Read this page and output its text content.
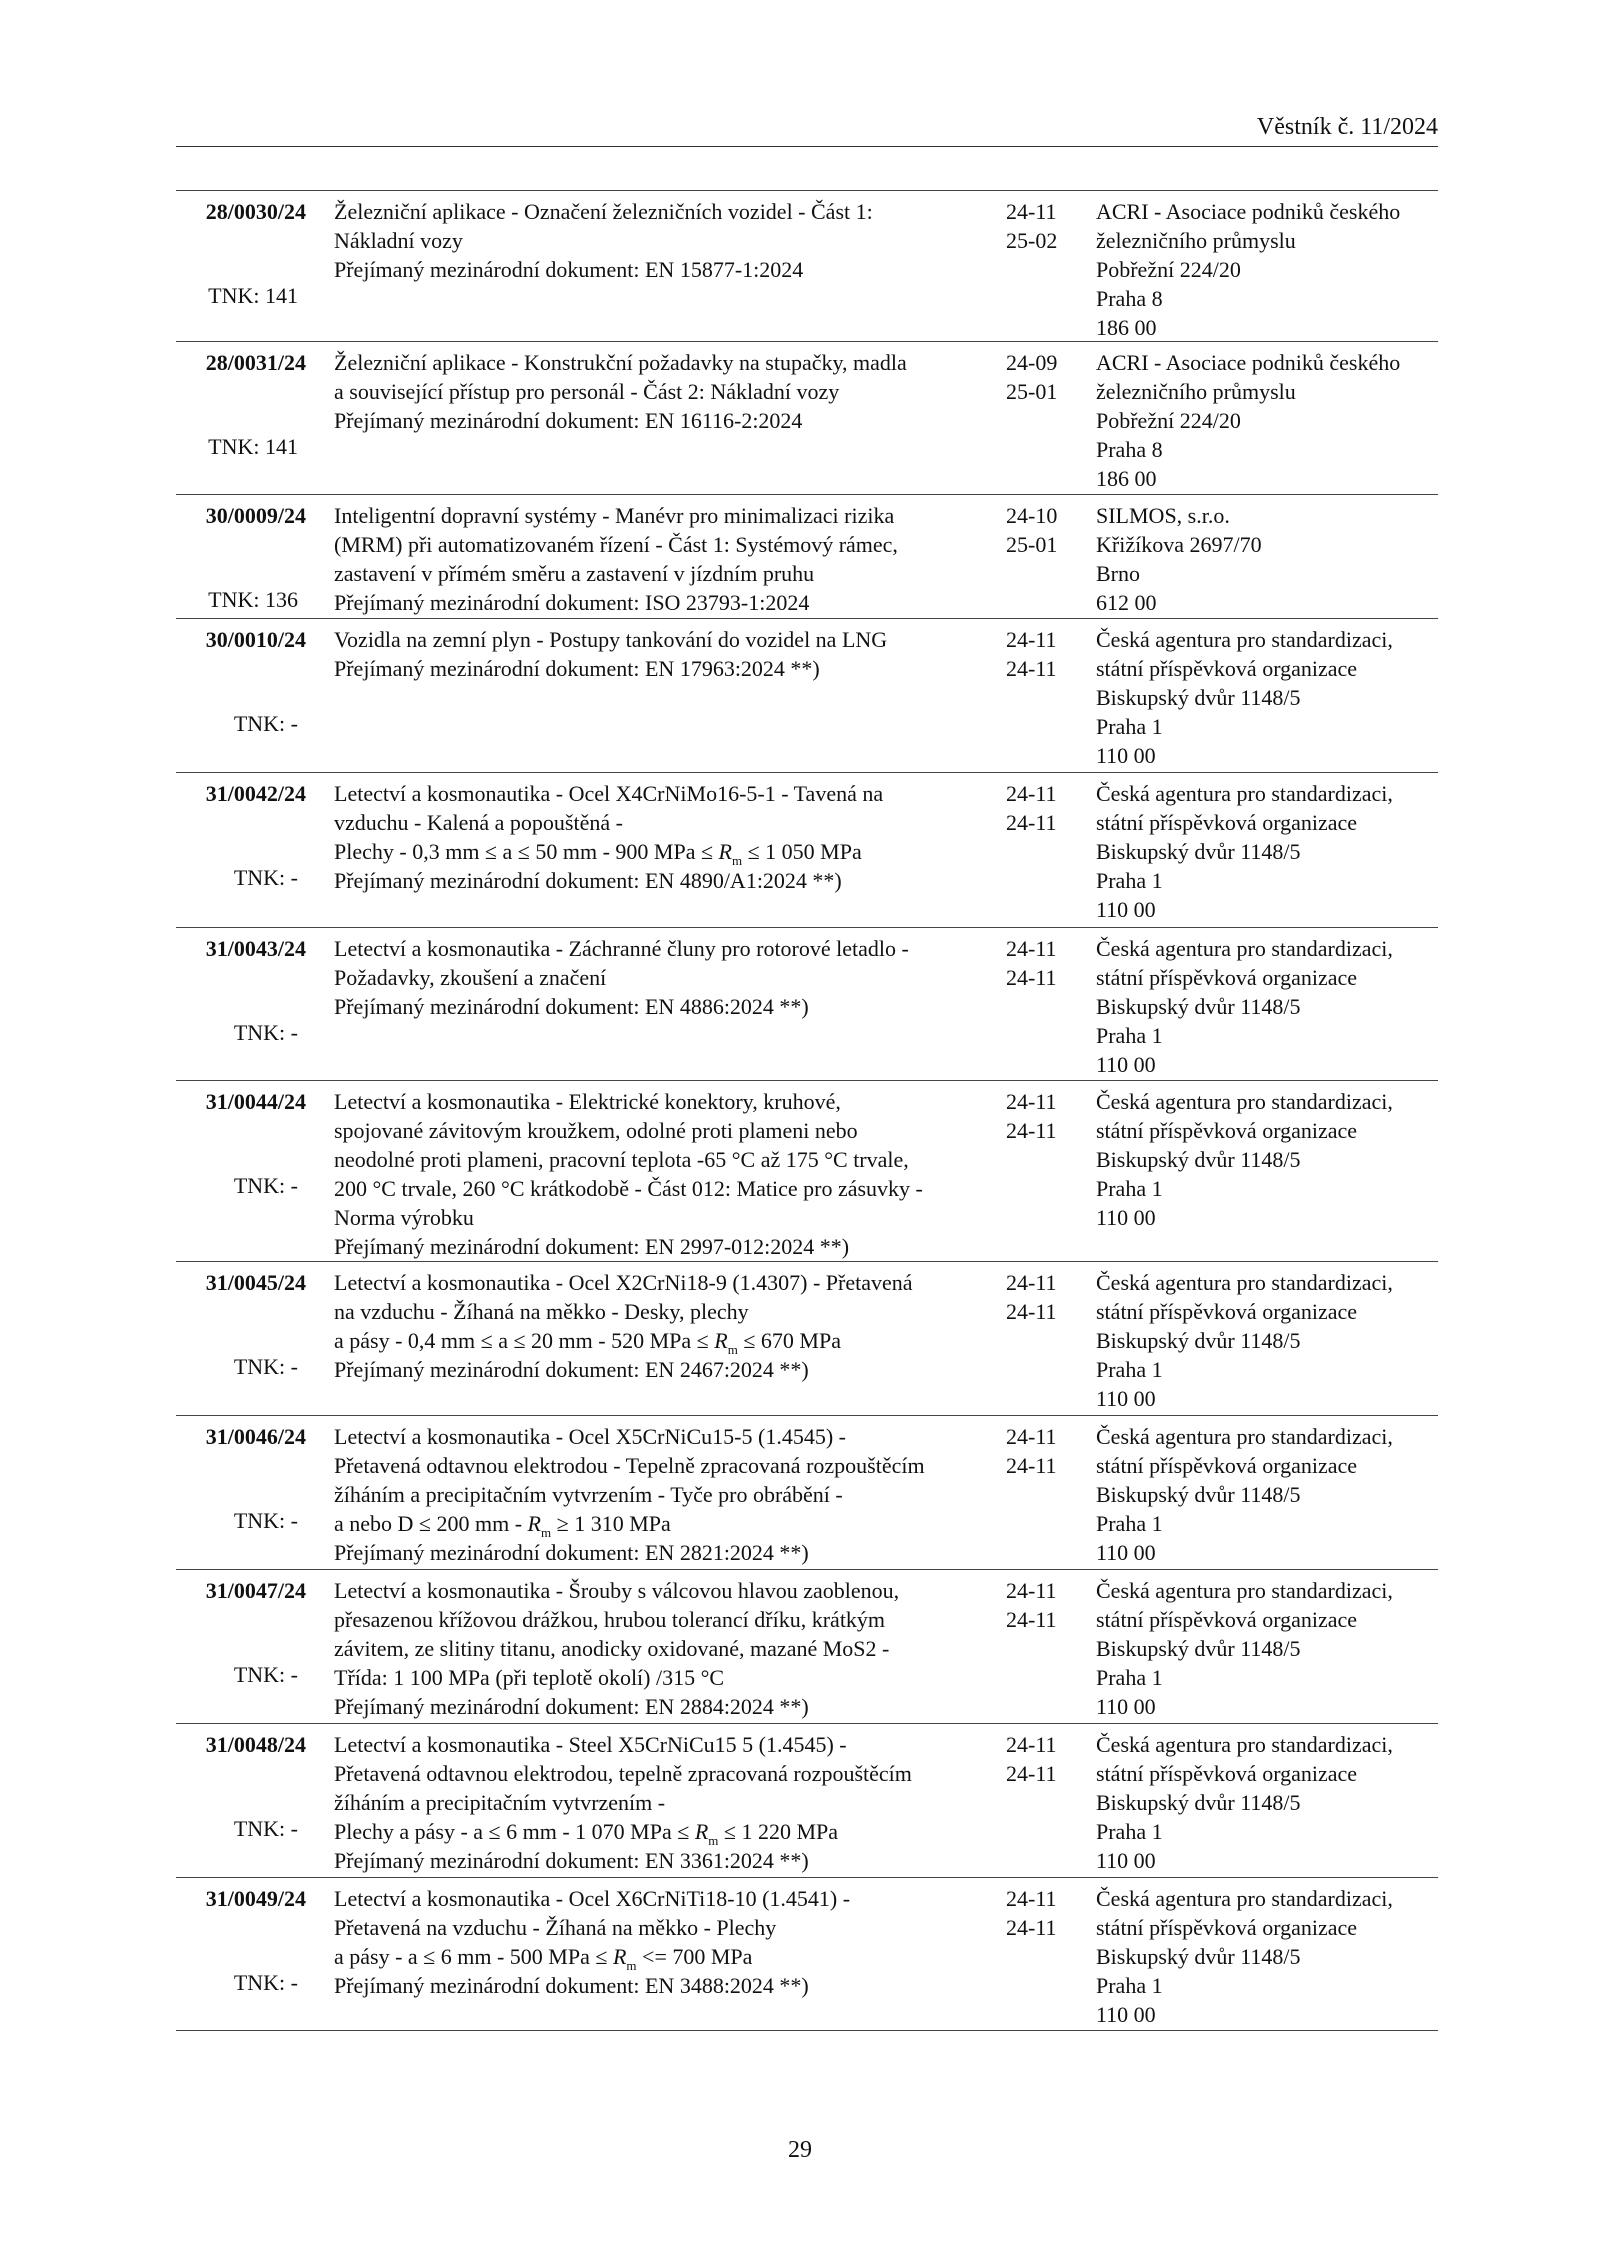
Věstník č. 11/2024
28/0030/24
TNK: 141
Železniční aplikace - Označení železničních vozidel - Část 1:
Nákladní vozy
Přejímaný mezinárodní dokument: EN 15877-1:2024
24-11
25-02
ACRI - Asociace podniků českého
železničního průmyslu
Pobřežní 224/20
Praha 8
186 00
28/0031/24
TNK: 141
Železniční aplikace - Konstrukční požadavky na stupačky, madla
a související přístup pro personál - Část 2: Nákladní vozy
Přejímaný mezinárodní dokument: EN 16116-2:2024
24-09
25-01
ACRI - Asociace podniků českého
železničního průmyslu
Pobřežní 224/20
Praha 8
186 00
30/0009/24
TNK: 136
Inteligentní dopravní systémy - Manévr pro minimalizaci rizika
(MRM) při automatizovaném řízení - Část 1: Systémový rámec,
zastavení v přímém směru a zastavení v jízdním pruhu
Přejímaný mezinárodní dokument: ISO 23793-1:2024
24-10
25-01
SILMOS, s.r.o.
Křižíkova 2697/70
Brno
612 00
30/0010/24
TNK: -
Vozidla na zemní plyn - Postupy tankování do vozidel na LNG
Přejímaný mezinárodní dokument: EN 17963:2024 **)
24-11
24-11
Česká agentura pro standardizaci,
státní příspěvková organizace
Biskupský dvůr 1148/5
Praha 1
110 00
31/0042/24
TNK: -
Letectví a kosmonautika - Ocel X4CrNiMo16-5-1 - Tavená na
vzduchu - Kalená a popouštěná -
Plechy - 0,3 mm ≤ a ≤ 50 mm - 900 MPa ≤ $R_m \le 1$ 050 MPa
Přejímaný mezinárodní dokument: EN 4890/A1:2024 **)
24-11
24-11
Česká agentura pro standardizaci,
státní příspěvková organizace
Biskupský dvůr 1148/5
Praha 1
110 00
31/0043/24
TNK: -
Letectví a kosmonautika - Záchranné čluny pro rotorové letadlo -
Požadavky, zkoušení a značení
Přejímaný mezinárodní dokument: EN 4886:2024 **)
24-11
24-11
Česká agentura pro standardizaci,
státní příspěvková organizace
Biskupský dvůr 1148/5
Praha 1
110 00
31/0044/24
TNK: -
Letectví a kosmonautika - Elektrické konektory, kruhové,
spojované závitovým kroužkem, odolné proti plameni nebo
neodolné proti plameni, pracovní teplota -65 °C až 175 °C trvale,
200 °C trvale, 260 °C krátkodobě - Část 012: Matice pro zásuvky -
Norma výrobku
Přejímaný mezinárodní dokument: EN 2997-012:2024 **)
24-11
24-11
Česká agentura pro standardizaci,
státní příspěvková organizace
Biskupský dvůr 1148/5
Praha 1
110 00
31/0045/24
TNK: -
Letectví a kosmonautika - Ocel X2CrNi18-9 (1.4307) - Přetavená
na vzduchu - Žíhaná na měkko - Desky, plechy
a pásy - 0,4 mm ≤ a ≤ 20 mm - 520 MPa ≤ $R_m \le 670$ MPa
Přejímaný mezinárodní dokument: EN 2467:2024 **)
24-11
24-11
Česká agentura pro standardizaci,
státní příspěvková organizace
Biskupský dvůr 1148/5
Praha 1
110 00
31/0046/24
TNK: -
Letectví a kosmonautika - Ocel X5CrNiCu15-5 (1.4545) -
Přetavená odtavnou elektrodou - Tepelně zpracovaná rozpouštěcím
žíháním a precipitačním vytvrzením - Tyče pro obrábění -
a nebo D ≤ 200 mm - $R_m \ge 1$ 310 MPa
Přejímaný mezinárodní dokument: EN 2821:2024 **)
24-11
24-11
Česká agentura pro standardizaci,
státní příspěvková organizace
Biskupský dvůr 1148/5
Praha 1
110 00
31/0047/24
TNK: -
Letectví a kosmonautika - Šrouby s válcovou hlavou zaoblenou,
přesazenou křížovou drážkou, hrubou tolerancí dříku, krátkým
závitem, ze slitiny titanu, anodicky oxidované, mazané MoS2 -
Třída: 1 100 MPa (při teplotě okolí) /315 °C
Přejímaný mezinárodní dokument: EN 2884:2024 **)
24-11
24-11
Česká agentura pro standardizaci,
státní příspěvková organizace
Biskupský dvůr 1148/5
Praha 1
110 00
31/0048/24
TNK: -
Letectví a kosmonautika - Steel X5CrNiCu15 5 (1.4545) -
Přetavená odtavnou elektrodou, tepelně zpracovaná rozpouštěcím
žíháním a precipitačním vytvrzením -
Plechy a pásy - a ≤ 6 mm - 1 070 MPa ≤ $R_m \le 1$ 220 MPa
Přejímaný mezinárodní dokument: EN 3361:2024 **)
24-11
24-11
Česká agentura pro standardizaci,
státní příspěvková organizace
Biskupský dvůr 1148/5
Praha 1
110 00
31/0049/24
TNK: -
Letectví a kosmonautika - Ocel X6CrNiTi18-10 (1.4541) -
Přetavená na vzduchu - Žíhaná na měkko - Plechy
a pásy - a ≤ 6 mm - 500 MPa ≤ $R_m <= 700$ MPa
Přejímaný mezinárodní dokument: EN 3488:2024 **)
24-11
24-11
Česká agentura pro standardizaci,
státní příspěvková organizace
Biskupský dvůr 1148/5
Praha 1
110 00
29
